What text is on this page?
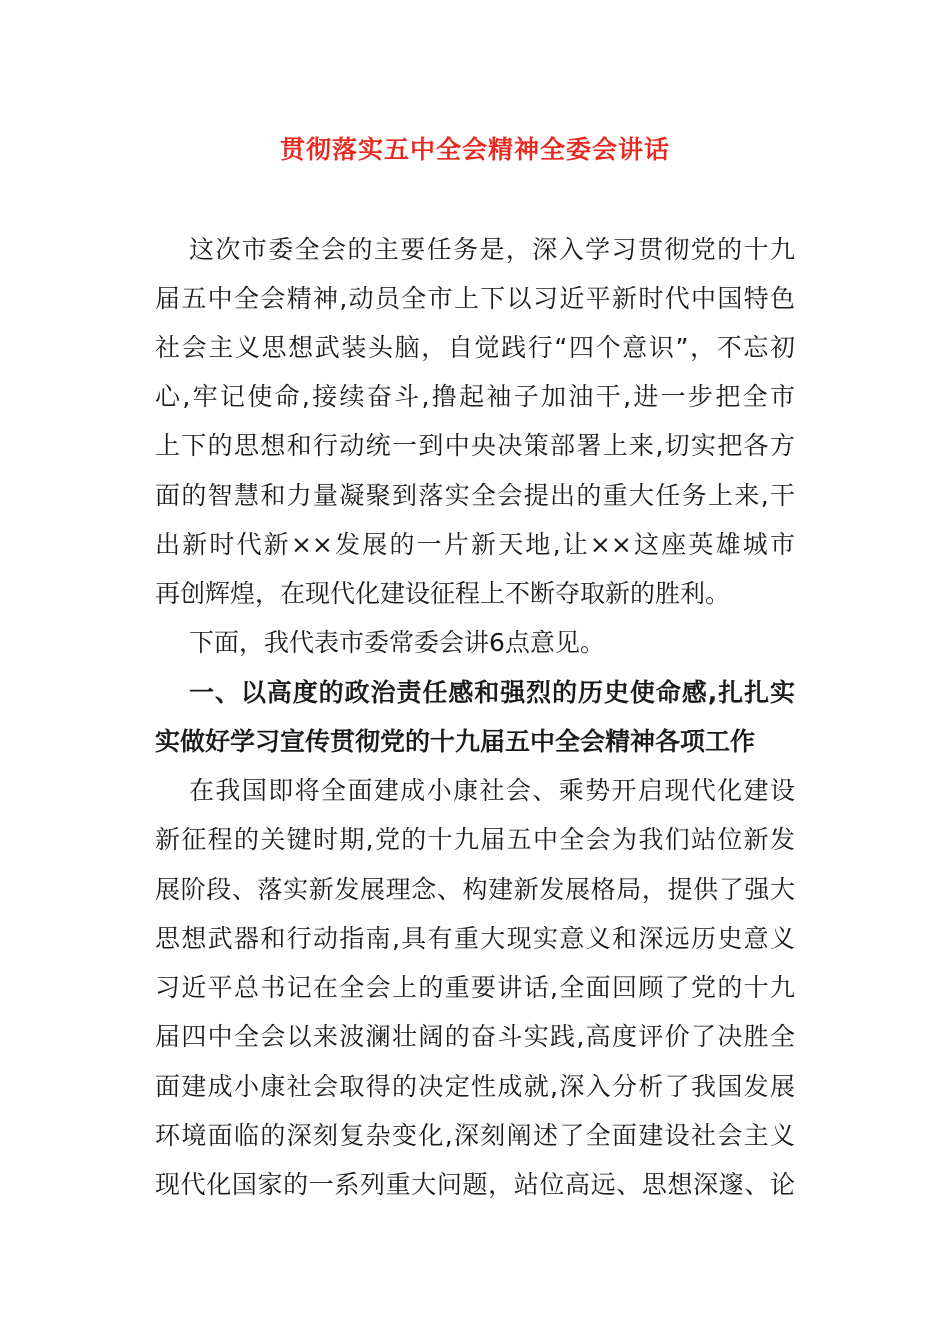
贯彻落实五中全会精神全委会讲话
这次市委全会的主要任务是，深入学习贯彻党的十九
届五中全会精神,动员全市上下以习近平新时代中国特色
社会主义思想武装头脑，自觉践行“四个意识”，不忘初
心,牢记使命,接续奋斗,撸起袖子加油干,进一步把全市
上下的思想和行动统一到中央决策部署上来,切实把各方
面的智慧和力量凝聚到落实全会提出的重大任务上来,干
出新时代新××发展的一片新天地,让××这座英雄城市
再创辉煌，在现代化建设征程上不断夺取新的胜利。
下面，我代表市委常委会讲6点意见。
一、以高度的政治责任感和强烈的历史使命感,扎扎实
实做好学习宣传贯彻党的十九届五中全会精神各项工作
在我国即将全面建成小康社会、乘势开启现代化建设
新征程的关键时期,党的十九届五中全会为我们站位新发
展阶段、落实新发展理念、构建新发展格局，提供了强大
思想武器和行动指南,具有重大现实意义和深远历史意义
习近平总书记在全会上的重要讲话,全面回顾了党的十九
届四中全会以来波澜壮阔的奋斗实践,高度评价了决胜全
面建成小康社会取得的决定性成就,深入分析了我国发展
环境面临的深刻复杂变化,深刻阐述了全面建设社会主义
现代化国家的一系列重大问题，站位高远、思想深邃、论
